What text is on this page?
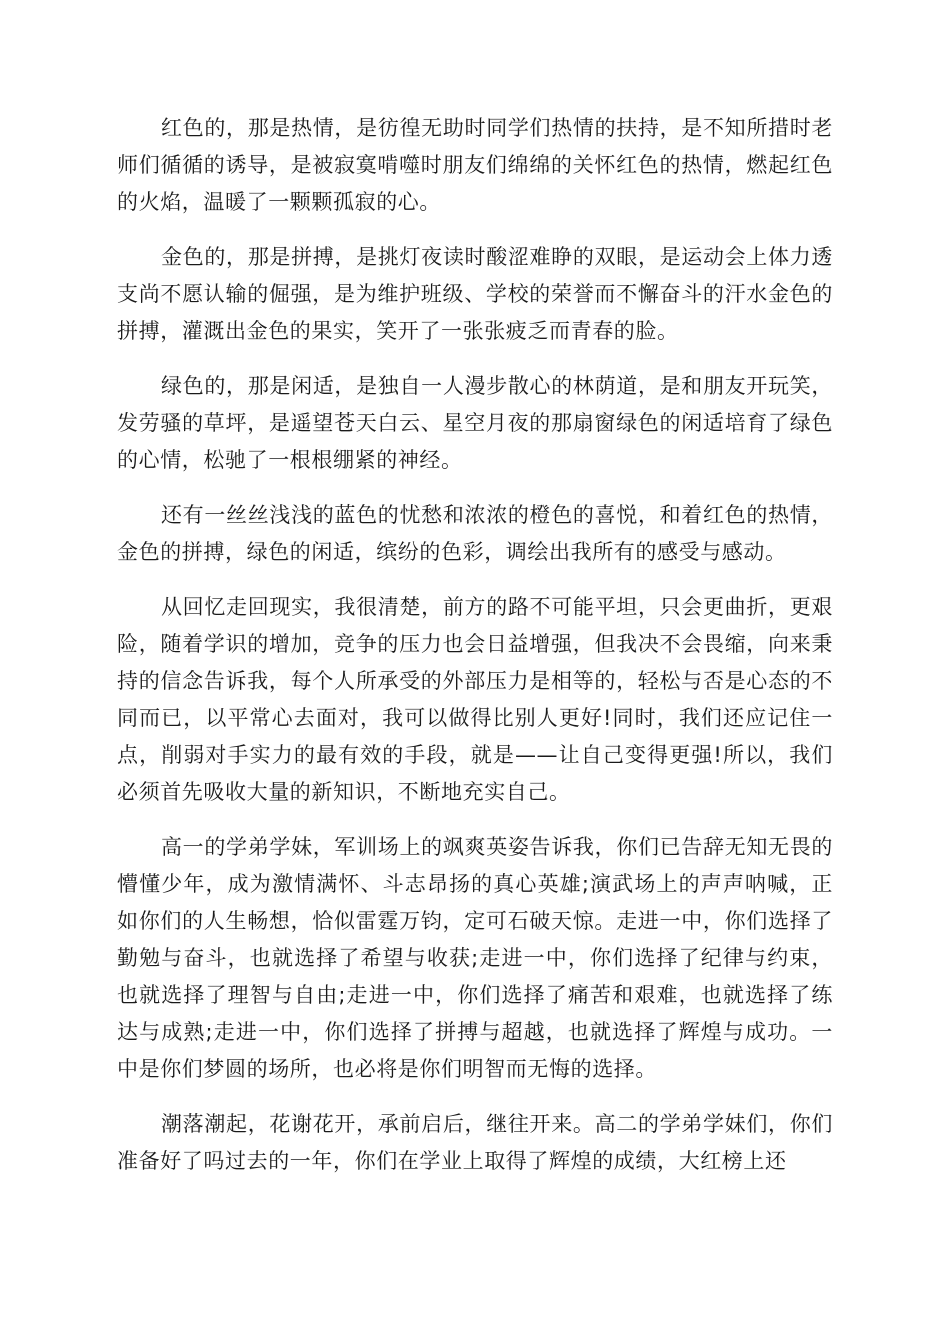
红色的，那是热情，是彷徨无助时同学们热情的扶持，是不知所措时老师们循循的诱导，是被寂寞啃噬时朋友们绵绵的关怀红色的热情，燃起红色的火焰，温暖了一颗颗孤寂的心。

金色的，那是拼搏，是挑灯夜读时酸涩难睁的双眼，是运动会上体力透支尚不愿认输的倔强，是为维护班级、学校的荣誉而不懈奋斗的汗水金色的拼搏，灌溉出金色的果实，笑开了一张张疲乏而青春的脸。

绿色的，那是闲适，是独自一人漫步散心的林荫道，是和朋友开玩笑，发劳骚的草坪，是遥望苍天白云、星空月夜的那扇窗绿色的闲适培育了绿色的心情，松驰了一根根绷紧的神经。

还有一丝丝浅浅的蓝色的忧愁和浓浓的橙色的喜悦，和着红色的热情，金色的拼搏，绿色的闲适，缤纷的色彩，调绘出我所有的感受与感动。

从回忆走回现实，我很清楚，前方的路不可能平坦，只会更曲折，更艰险，随着学识的增加，竞争的压力也会日益增强，但我决不会畏缩，向来秉持的信念告诉我，每个人所承受的外部压力是相等的，轻松与否是心态的不同而已，以平常心去面对，我可以做得比别人更好!同时，我们还应记住一点，削弱对手实力的最有效的手段，就是——让自己变得更强!所以，我们必须首先吸收大量的新知识，不断地充实自己。

高一的学弟学妹，军训场上的飒爽英姿告诉我，你们已告辞无知无畏的懵懂少年，成为激情满怀、斗志昂扬的真心英雄;演武场上的声声呐喊，正如你们的人生畅想，恰似雷霆万钧，定可石破天惊。走进一中，你们选择了勤勉与奋斗，也就选择了希望与收获;走进一中，你们选择了纪律与约束，也就选择了理智与自由;走进一中，你们选择了痛苦和艰难，也就选择了练达与成熟;走进一中，你们选择了拼搏与超越，也就选择了辉煌与成功。一中是你们梦圆的场所，也必将是你们明智而无悔的选择。

潮落潮起，花谢花开，承前启后，继往开来。高二的学弟学妹们，你们准备好了吗过去的一年，你们在学业上取得了辉煌的成绩，大红榜上还
